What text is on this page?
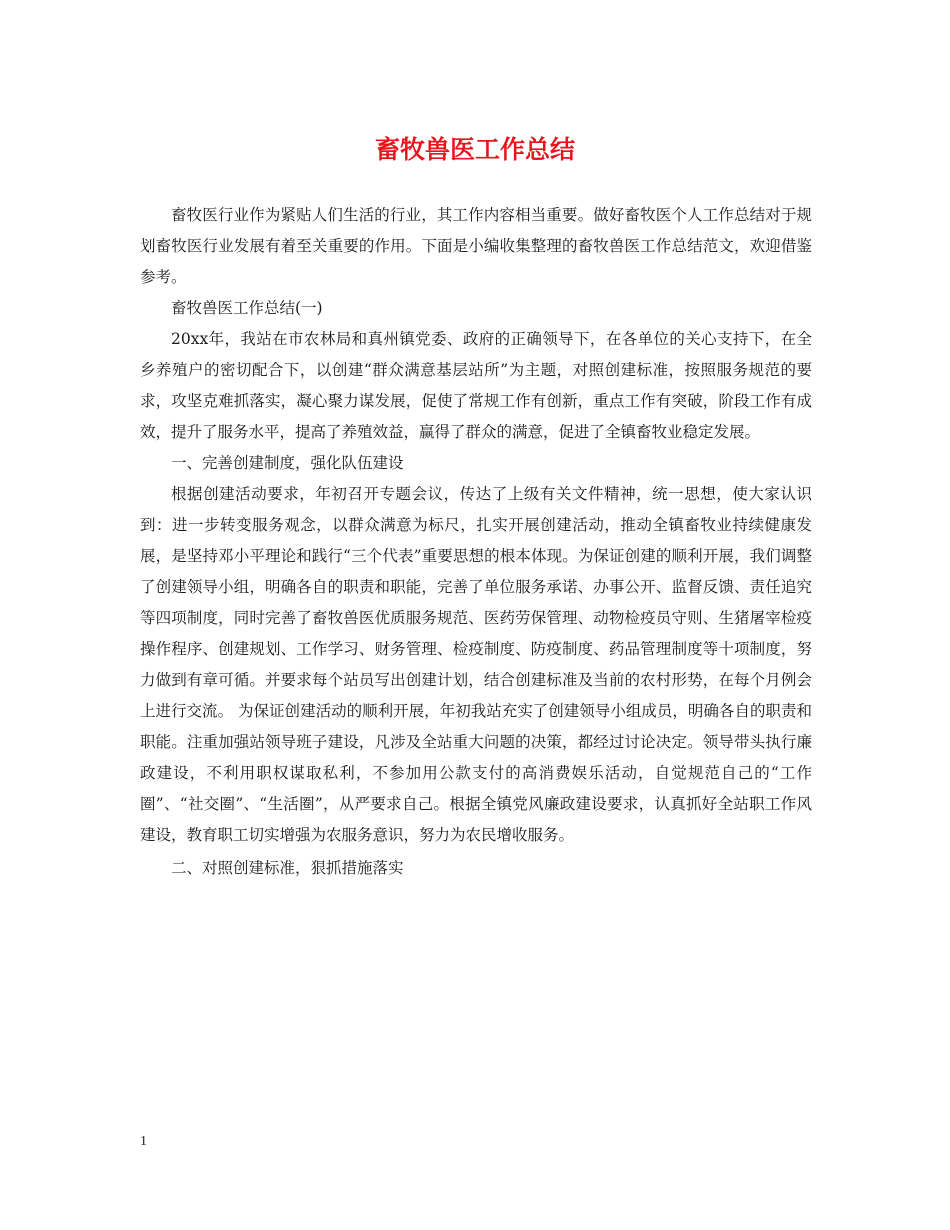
畜牧兽医工作总结

畜牧医行业作为紧贴人们生活的行业，其工作内容相当重要。做好畜牧医个人工作总结对于规划畜牧医行业发展有着至关重要的作用。下面是小编收集整理的畜牧兽医工作总结范文，欢迎借鉴参考。

畜牧兽医工作总结(一)

20xx年，我站在市农林局和真州镇党委、政府的正确领导下，在各单位的关心支持下，在全乡养殖户的密切配合下，以创建“群众满意基层站所”为主题，对照创建标准，按照服务规范的要求，攻坚克难抓落实，凝心聚力谋发展，促使了常规工作有创新，重点工作有突破，阶段工作有成效，提升了服务水平，提高了养殖效益，赢得了群众的满意，促进了全镇畜牧业稳定发展。

一、完善创建制度，强化队伍建设

根据创建活动要求，年初召开专题会议，传达了上级有关文件精神，统一思想，使大家认识到：进一步转变服务观念，以群众满意为标尺，扎实开展创建活动，推动全镇畜牧业持续健康发展，是坚持邓小平理论和践行“三个代表”重要思想的根本体现。为保证创建的顺利开展，我们调整了创建领导小组，明确各自的职责和职能，完善了单位服务承诺、办事公开、监督反馈、责任追究等四项制度，同时完善了畜牧兽医优质服务规范、医药劳保管理、动物检疫员守则、生猪屠宰检疫操作程序、创建规划、工作学习、财务管理、检疫制度、防疫制度、药品管理制度等十项制度，努力做到有章可循。并要求每个站员写出创建计划，结合创建标准及当前的农村形势，在每个月例会上进行交流。 为保证创建活动的顺利开展，年初我站充实了创建领导小组成员，明确各自的职责和职能。注重加强站领导班子建设，凡涉及全站重大问题的决策，都经过讨论决定。领导带头执行廉政建设，不利用职权谋取私利，不参加用公款支付的高消费娱乐活动，自觉规范自己的“工作圈”、“社交圈”、“生活圈”，从严要求自己。根据全镇党风廉政建设要求，认真抓好全站职工作风建设，教育职工切实增强为农服务意识，努力为农民增收服务。

二、对照创建标准，狠抓措施落实

1
